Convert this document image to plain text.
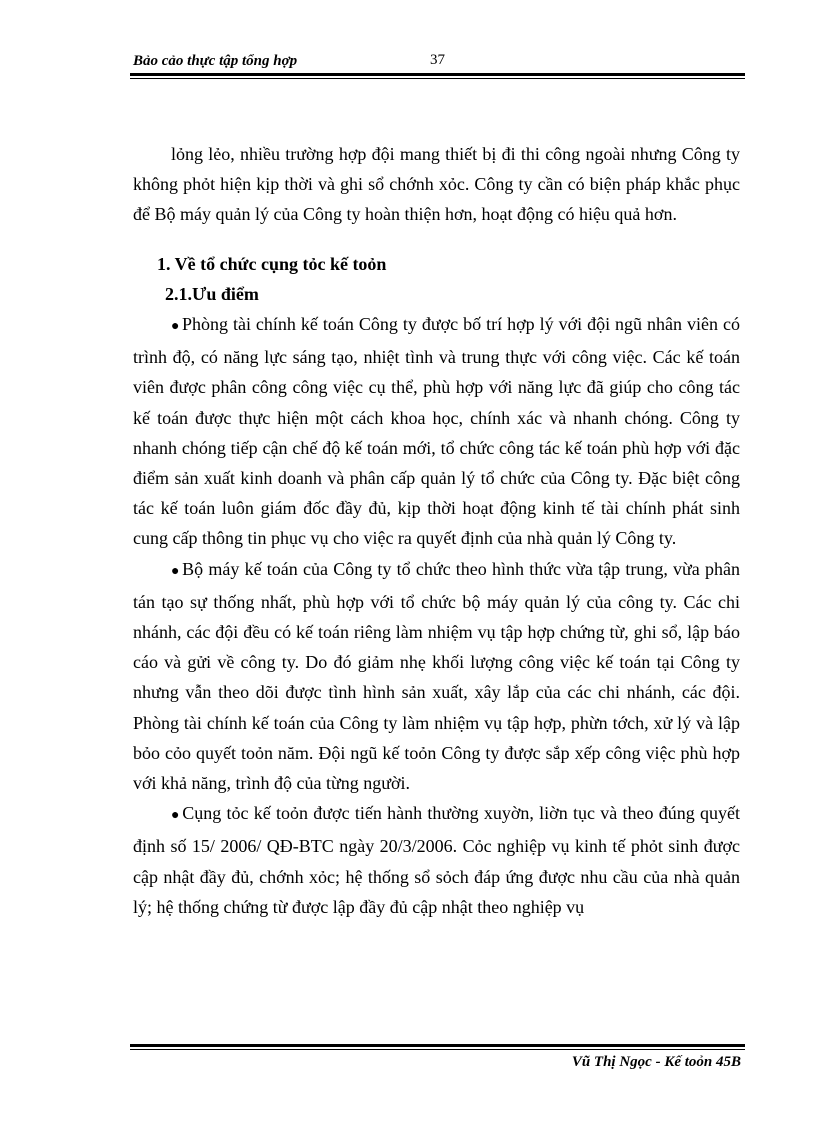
Bảo cảo thực tập tổng hợp	37

lỏng lẻo, nhiều trường hợp đội mang thiết bị đi thi công ngoài nhưng Công ty không phỏt hiện kịp thời và ghi sổ chớnh xỏc. Công ty cần có biện pháp khắc phục để Bộ máy quản lý của Công ty hoàn thiện hơn, hoạt động có hiệu quả hơn.

1. Về tổ chức cụng tỏc kế toỏn

2.1.Ưu điểm

● Phòng tài chính kế toán Công ty được bố trí hợp lý với đội ngũ nhân viên có trình độ, có năng lực sáng tạo, nhiệt tình và trung thực với công việc. Các kế toán viên được phân công công việc cụ thể, phù hợp với năng lực đã giúp cho công tác kế toán được thực hiện một cách khoa học, chính xác và nhanh chóng. Công ty nhanh chóng tiếp cận chế độ kế toán mới, tổ chức công tác kế toán phù hợp với đặc điểm sản xuất kinh doanh và phân cấp quản lý tổ chức của Công ty. Đặc biệt công tác kế toán luôn giám đốc đầy đủ, kịp thời hoạt động kinh tế tài chính phát sinh cung cấp thông tin phục vụ cho việc ra quyết định của nhà quản lý Công ty.

● Bộ máy kế toán của Công ty tổ chức theo hình thức vừa tập trung, vừa phân tán tạo sự thống nhất, phù hợp với tổ chức bộ máy quản lý của công ty. Các chi nhánh, các đội đều có kế toán riêng làm nhiệm vụ tập hợp chứng từ, ghi sổ, lập báo cáo và gửi về công ty. Do đó giảm nhẹ khối lượng công việc kế toán tại Công ty nhưng vẫn theo dõi được tình hình sản xuất, xây lắp của các chi nhánh, các đội. Phòng tài chính kế toán của Công ty làm nhiệm vụ tập hợp, phừn tớch, xử lý và lập bỏo cỏo quyết toỏn năm. Đội ngũ kế toỏn Công ty được sắp xếp công việc phù hợp với khả năng, trình độ của từng người.

● Cụng tỏc kế toỏn được tiến hành thường xuyờn, liờn tục và theo đúng quyết định số 15/ 2006/ QĐ-BTC ngày 20/3/2006. Cỏc nghiệp vụ kinh tế phỏt sinh được cập nhật đầy đủ, chớnh xỏc; hệ thống sổ sỏch đáp ứng được nhu cầu của nhà quản lý; hệ thống chứng từ được lập đầy đủ cập nhật theo nghiệp vụ

Vũ Thị Ngọc - Kế toỏn 45B
